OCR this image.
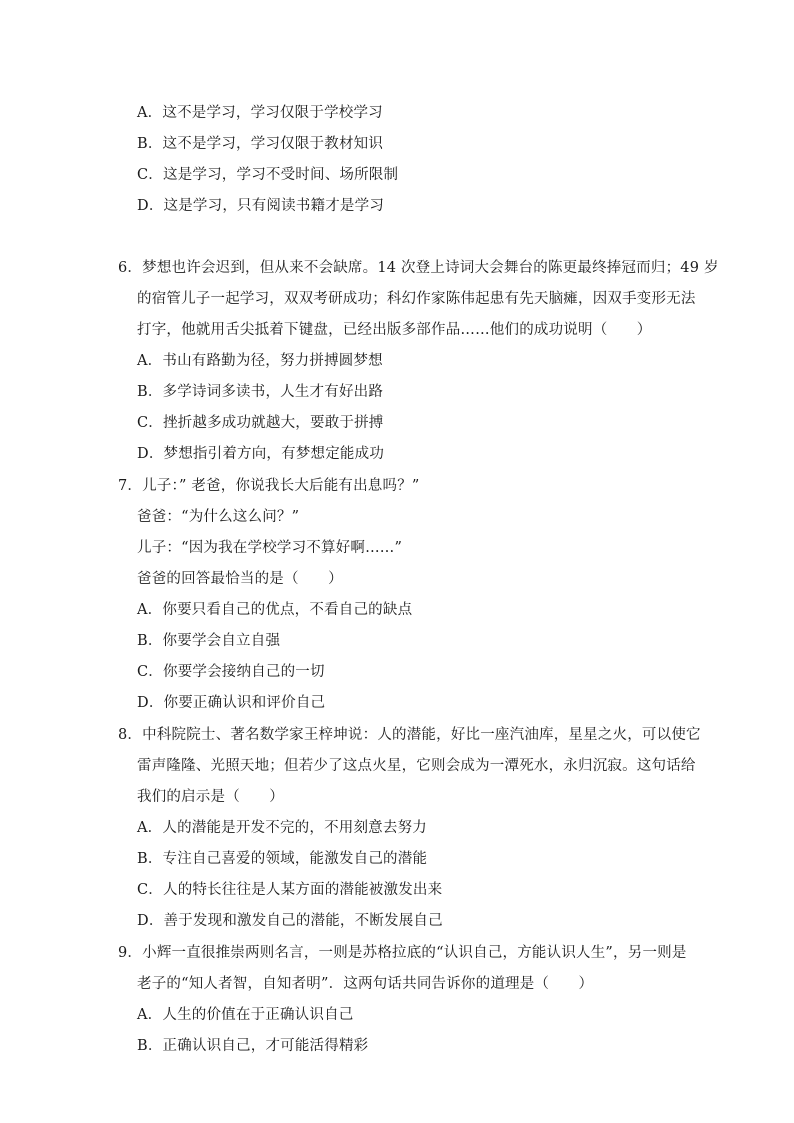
A．这不是学习，学习仅限于学校学习
B．这不是学习，学习仅限于教材知识
C．这是学习，学习不受时间、场所限制
D．这是学习，只有阅读书籍才是学习
6．梦想也许会迟到，但从来不会缺席。14 次登上诗词大会舞台的陈更最终捧冠而归；49 岁
的宿管儿子一起学习，双双考研成功；科幻作家陈伟起患有先天脑瘫，因双手变形无法
打字，他就用舌尖抵着下键盘，已经出版多部作品……他们的成功说明（　　）
A．书山有路勤为径，努力拼搏圆梦想
B．多学诗词多读书，人生才有好出路
C．挫折越多成功就越大，要敢于拼搏
D．梦想指引着方向，有梦想定能成功
7．儿子：” 老爸，你说我长大后能有出息吗？”
爸爸：“为什么这么问？”
儿子：“因为我在学校学习不算好啊……”
爸爸的回答最恰当的是（　　）
A．你要只看自己的优点，不看自己的缺点
B．你要学会自立自强
C．你要学会接纳自己的一切
D．你要正确认识和评价自己
8．中科院院士、著名数学家王梓坤说：人的潜能，好比一座汽油库，星星之火，可以使它
雷声隆隆、光照天地；但若少了这点火星，它则会成为一潭死水，永归沉寂。这句话给
我们的启示是（　　）
A．人的潜能是开发不完的，不用刻意去努力
B．专注自己喜爱的领域，能激发自己的潜能
C．人的特长往往是人某方面的潜能被激发出来
D．善于发现和激发自己的潜能，不断发展自己
9．小辉一直很推崇两则名言，一则是苏格拉底的“认识自己，方能认识人生”，另一则是
老子的“知人者智，自知者明”．这两句话共同告诉你的道理是（　　）
A．人生的价值在于正确认识自己
B．正确认识自己，才可能活得精彩
